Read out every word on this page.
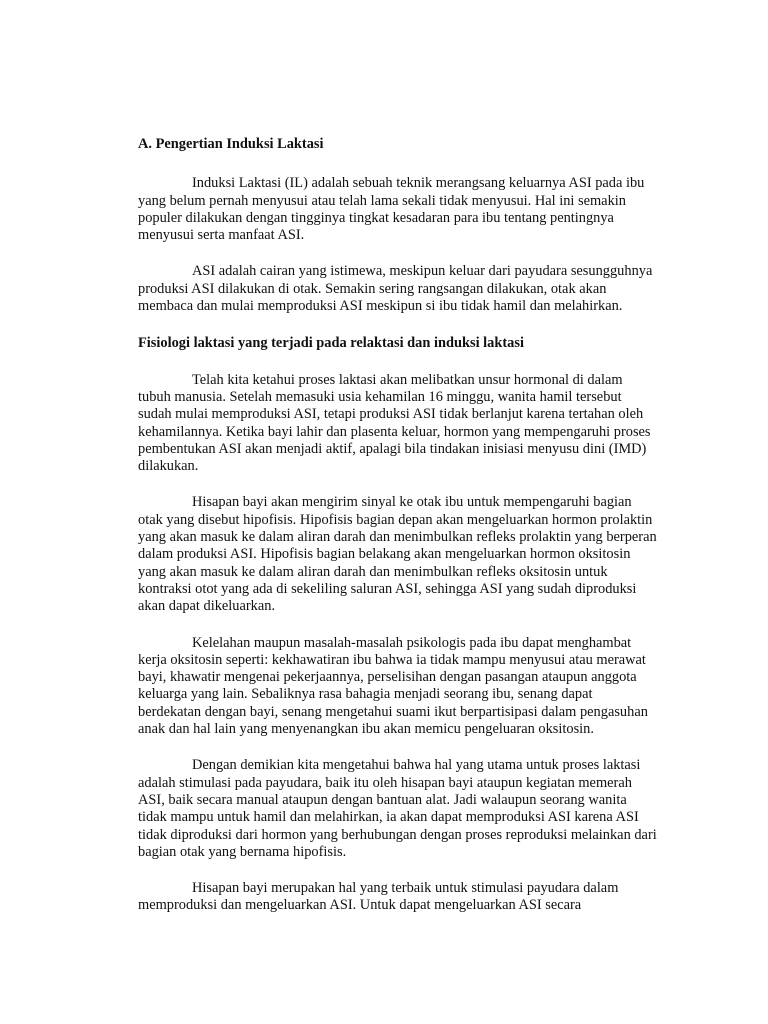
A. Pengertian Induksi Laktasi

Induksi Laktasi (IL) adalah sebuah teknik merangsang keluarnya ASI pada ibu yang belum pernah menyusui atau telah lama sekali tidak menyusui. Hal ini semakin populer dilakukan dengan tingginya tingkat kesadaran para ibu tentang pentingnya menyusui serta manfaat ASI.

ASI adalah cairan yang istimewa, meskipun keluar dari payudara sesungguhnya produksi ASI dilakukan di otak. Semakin sering rangsangan dilakukan, otak akan membaca dan mulai memproduksi ASI meskipun si ibu tidak hamil dan melahirkan.

Fisiologi laktasi yang terjadi pada relaktasi dan induksi laktasi

Telah kita ketahui proses laktasi akan melibatkan unsur hormonal di dalam tubuh manusia. Setelah memasuki usia kehamilan 16 minggu, wanita hamil tersebut sudah mulai memproduksi ASI, tetapi produksi ASI tidak berlanjut karena tertahan oleh kehamilannya. Ketika bayi lahir dan plasenta keluar, hormon yang mempengaruhi proses pembentukan ASI akan menjadi aktif, apalagi bila tindakan inisiasi menyusu dini (IMD) dilakukan.

Hisapan bayi akan mengirim sinyal ke otak ibu untuk mempengaruhi bagian otak yang disebut hipofisis. Hipofisis bagian depan akan mengeluarkan hormon prolaktin yang akan masuk ke dalam aliran darah dan menimbulkan refleks prolaktin yang berperan dalam produksi ASI. Hipofisis bagian belakang akan mengeluarkan hormon oksitosin yang akan masuk ke dalam aliran darah dan menimbulkan refleks oksitosin untuk kontraksi otot yang ada di sekeliling saluran ASI, sehingga ASI yang sudah diproduksi akan dapat dikeluarkan.

Kelelahan maupun masalah-masalah psikologis pada ibu dapat menghambat kerja oksitosin seperti: kekhawatiran ibu bahwa ia tidak mampu menyusui atau merawat bayi, khawatir mengenai pekerjaannya, perselisihan dengan pasangan ataupun anggota keluarga yang lain. Sebaliknya rasa bahagia menjadi seorang ibu, senang dapat berdekatan dengan bayi, senang mengetahui suami ikut berpartisipasi dalam pengasuhan anak dan hal lain yang menyenangkan ibu akan memicu pengeluaran oksitosin.

Dengan demikian kita mengetahui bahwa hal yang utama untuk proses laktasi adalah stimulasi pada payudara, baik itu oleh hisapan bayi ataupun kegiatan memerah ASI, baik secara manual ataupun dengan bantuan alat. Jadi walaupun seorang wanita tidak mampu untuk hamil dan melahirkan, ia akan dapat memproduksi ASI karena ASI tidak diproduksi dari hormon yang berhubungan dengan proses reproduksi melainkan dari bagian otak yang bernama hipofisis.

Hisapan bayi merupakan hal yang terbaik untuk stimulasi payudara dalam memproduksi dan mengeluarkan ASI. Untuk dapat mengeluarkan ASI secara
